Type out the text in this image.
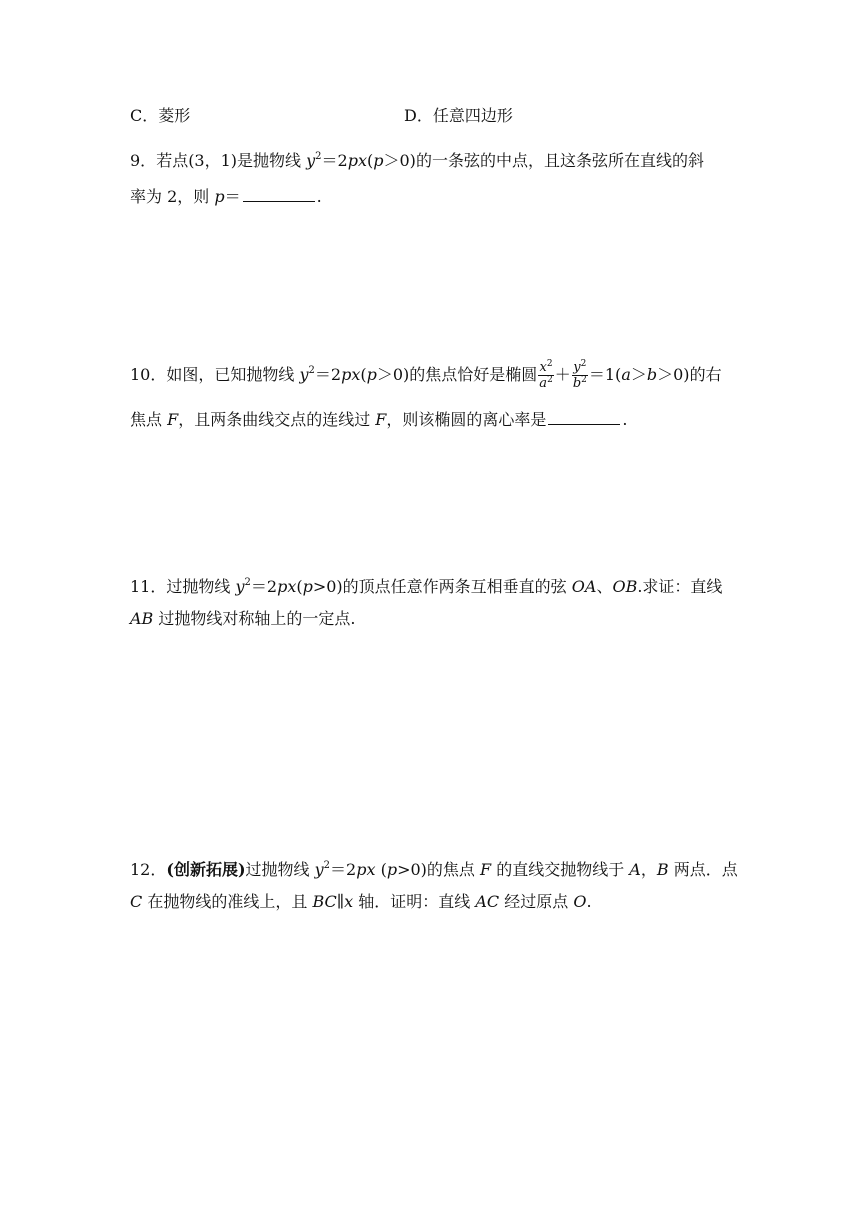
C．菱形	D．任意四边形
9．若点(3，1)是抛物线 $y^2=2px(p>0)$的一条弦的中点，且这条弦所在直线的斜
率为 2，则 p＝	.
10．如图，已知抛物线 $y^2=2px(p>0)$的焦点恰好是椭圆 $\frac{x^2}{a^2} + \frac{y^2}{b^2} =1(a>b>0)$的右
焦点 F，且两条曲线交点的连线过 F，则该椭圆的离心率是	.
11．过抛物线 $y^2=2px(p>0)$的顶点任意作两条互相垂直的弦 OA、OB.求证：直线
AB 过抛物线对称轴上的一定点.
12．(创新拓展)过抛物线 $y^2=2px$ (p>0)的焦点 F 的直线交抛物线于 A，B 两点．点
C 在抛物线的准线上，且 BC∥x 轴．证明：直线 AC 经过原点 O.
